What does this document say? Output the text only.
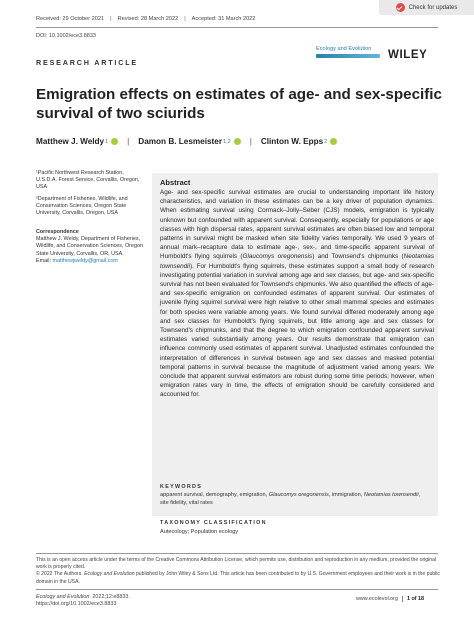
Check for updates
Received: 29 October 2021 | Revised: 28 March 2022 | Accepted: 31 March 2022
DOI: 10.1002/ece3.8833
RESEARCH ARTICLE
Ecology and Evolution	WILEY
Emigration effects on estimates of age- and sex-specific survival of two sciurids
Matthew J. Weldy 1 | Damon B. Lesmeister 1,2 | Clinton W. Epps 2

¹Pacific Northwest Research Station, U.S.D.A. Forest Service, Corvallis, Oregon, USA

²Department of Fisheries, Wildlife, and Conservation Sciences, Oregon State University, Corvallis, Oregon, USA

Correspondence

Matthew J. Weldy, Department of Fisheries, Wildlife, and Conservation Sciences, Oregon State University, Corvallis, OR, USA.

Email: matthewjweldy@gmail.com

Abstract
Age- and sex-specific survival estimates are crucial to understanding important life history characteristics, and variation in these estimates can be a key driver of population dynamics. When estimating survival using Cormack–Jolly–Seber (CJS) models, emigration is typically unknown but confounded with apparent survival. Consequently, especially for populations or age classes with high dispersal rates, apparent survival estimates are often biased low and temporal patterns in survival might be masked when site fidelity varies temporally. We used 9 years of annual mark–recapture data to estimate age-, sex-, and time-specific apparent survival of Humboldt's flying squirrels (Glaucomys oregonensis) and Townsend's chipmunks (Neotamias townsendii). For Humboldt's flying squirrels, these estimates support a small body of research investigating potential variation in survival among age and sex classes, but age- and sex-specific survival has not been evaluated for Townsend's chipmunks. We also quantified the effects of age- and sex-specific emigration on confounded estimates of apparent survival. Our estimates of juvenile flying squirrel survival were high relative to other small mammal species and estimates for both species were variable among years. We found survival differed moderately among age and sex classes for Humboldt's flying squirrels, but little among age and sex classes for Townsend's chipmunks, and that the degree to which emigration confounded apparent survival estimates varied substantially among years. Our results demonstrate that emigration can influence commonly used estimates of apparent survival. Unadjusted estimates confounded the interpretation of differences in survival between age and sex classes and masked potential temporal patterns in survival because the magnitude of adjustment varied among years. We conclude that apparent survival estimators are robust during some time periods; however, when emigration rates vary in time, the effects of emigration should be carefully considered and accounted for.
KEYWORDS
apparent survival, demography, emigration, Glaucomys oregonensis, immigration, Neotamias townsendii, site fidelity, vital rates
TAXONOMY CLASSIFICATION
Autecology; Population ecology

This is an open access article under the terms of the Creative Commons Attribution License, which permits use, distribution and reproduction in any medium, provided the original work is properly cited.

© 2022 The Authors. Ecology and Evolution published by John Wiley & Sons Ltd. This article has been contributed to by U.S. Government employees and their work is in the public domain in the USA.

Ecology and Evolution. 2022;12:e8833.
https://doi.org/10.1002/ece3.8833
www.ecolevol.org	1 of 18
